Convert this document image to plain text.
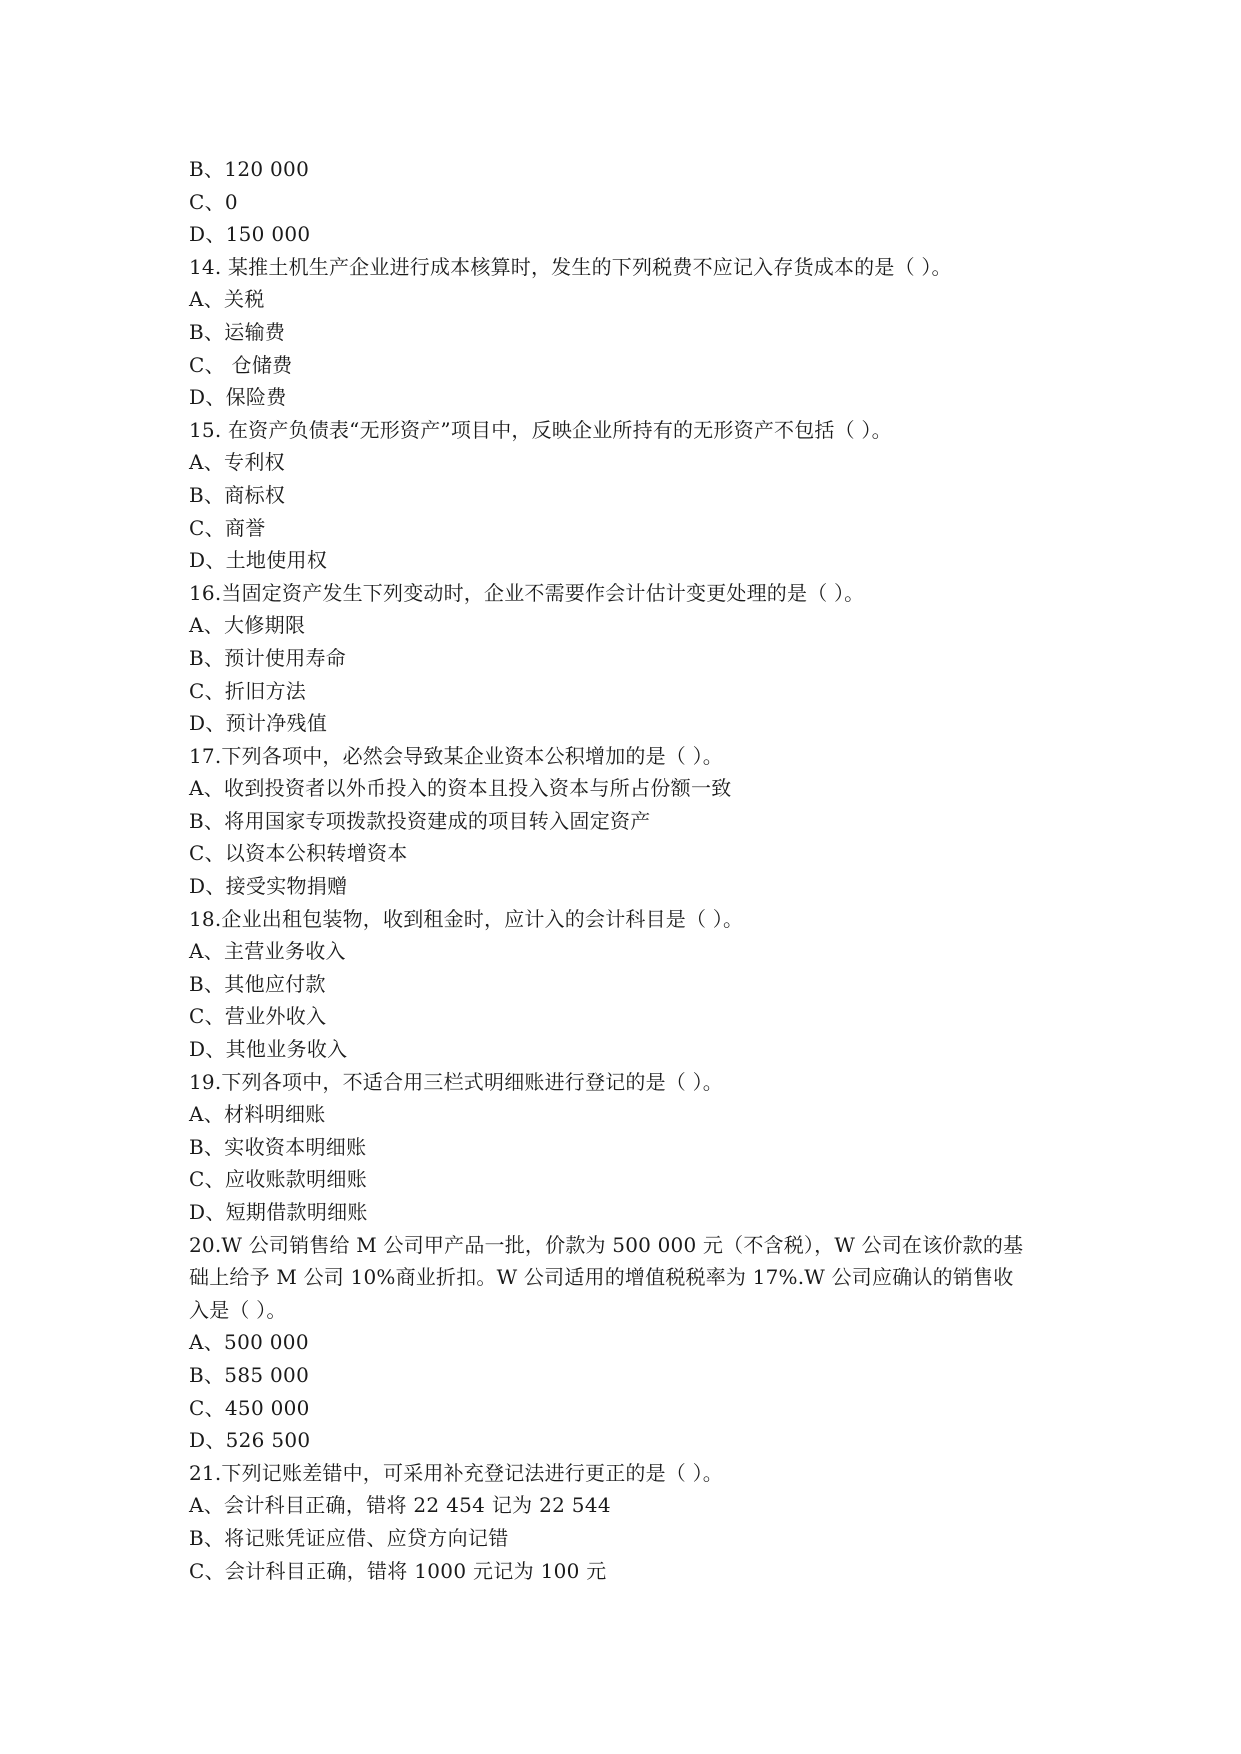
B、120 000
C、0
D、150 000
14. 某推土机生产企业进行成本核算时，发生的下列税费不应记入存货成本的是（ ）。
A、关税
B、运输费
C、 仓储费
D、保险费
15. 在资产负债表“无形资产”项目中，反映企业所持有的无形资产不包括（ ）。
A、专利权
B、商标权
C、商誉
D、土地使用权
16.当固定资产发生下列变动时，企业不需要作会计估计变更处理的是（ ）。
A、大修期限
B、预计使用寿命
C、折旧方法
D、预计净残值
17.下列各项中，必然会导致某企业资本公积增加的是（ ）。
A、收到投资者以外币投入的资本且投入资本与所占份额一致
B、将用国家专项拨款投资建成的项目转入固定资产
C、以资本公积转增资本
D、接受实物捐赠
18.企业出租包装物，收到租金时，应计入的会计科目是（ ）。
A、主营业务收入
B、其他应付款
C、营业外收入
D、其他业务收入
19.下列各项中，不适合用三栏式明细账进行登记的是（ ）。
A、材料明细账
B、实收资本明细账
C、应收账款明细账
D、短期借款明细账
20.W 公司销售给 M 公司甲产品一批，价款为 500 000 元（不含税），W 公司在该价款的基
础上给予 M 公司 10%商业折扣。W 公司适用的增值税税率为 17%.W 公司应确认的销售收
入是（ ）。
A、500 000
B、585 000
C、450 000
D、526 500
21.下列记账差错中，可采用补充登记法进行更正的是（ ）。
A、会计科目正确，错将 22 454 记为 22 544
B、将记账凭证应借、应贷方向记错
C、会计科目正确，错将 1000 元记为 100 元
